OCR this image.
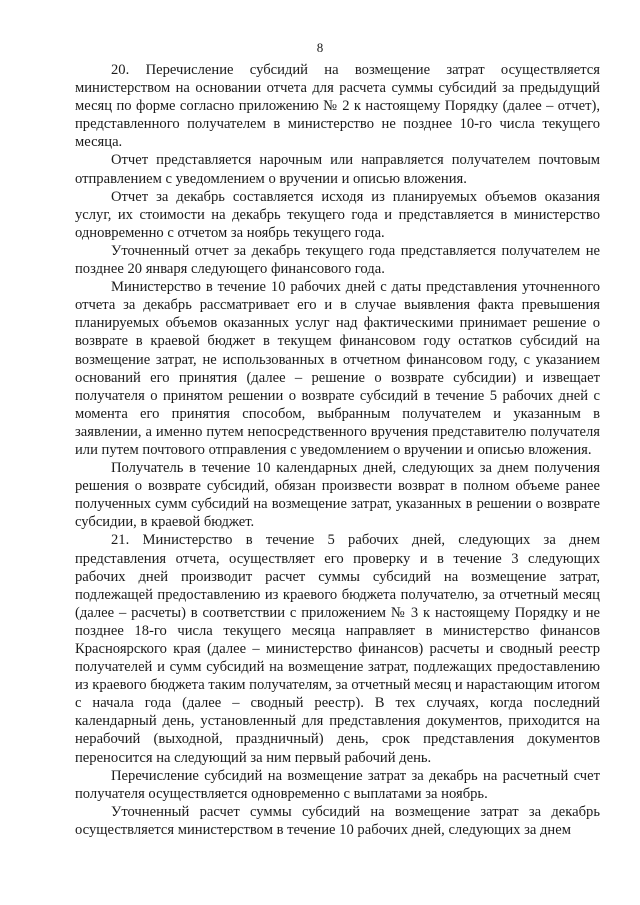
8

20. Перечисление субсидий на возмещение затрат осуществляется министерством на основании отчета для расчета суммы субсидий за предыдущий месяц по форме согласно приложению № 2 к настоящему Порядку (далее – отчет), представленного получателем в министерство не позднее 10-го числа текущего месяца.

Отчет представляется нарочным или направляется получателем почтовым отправлением с уведомлением о вручении и описью вложения.

Отчет за декабрь составляется исходя из планируемых объемов оказания услуг, их стоимости на декабрь текущего года и представляется в министерство одновременно с отчетом за ноябрь текущего года.

Уточненный отчет за декабрь текущего года представляется получателем не позднее 20 января следующего финансового года.

Министерство в течение 10 рабочих дней с даты представления уточненного отчета за декабрь рассматривает его и в случае выявления факта превышения планируемых объемов оказанных услуг над фактическими принимает решение о возврате в краевой бюджет в текущем финансовом году остатков субсидий на возмещение затрат, не использованных в отчетном финансовом году, с указанием оснований его принятия (далее – решение о возврате субсидии) и извещает получателя о принятом решении о возврате субсидий в течение 5 рабочих дней с момента его принятия способом, выбранным получателем и указанным в заявлении, а именно путем непосредственного вручения представителю получателя или путем почтового отправления с уведомлением о вручении и описью вложения.

Получатель в течение 10 календарных дней, следующих за днем получения решения о возврате субсидий, обязан произвести возврат в полном объеме ранее полученных сумм субсидий на возмещение затрат, указанных в решении о возврате субсидии, в краевой бюджет.

21. Министерство в течение 5 рабочих дней, следующих за днем представления отчета, осуществляет его проверку и в течение 3 следующих рабочих дней производит расчет суммы субсидий на возмещение затрат, подлежащей предоставлению из краевого бюджета получателю, за отчетный месяц (далее – расчеты) в соответствии с приложением № 3 к настоящему Порядку и не позднее 18-го числа текущего месяца направляет в министерство финансов Красноярского края (далее – министерство финансов) расчеты и сводный реестр получателей и сумм субсидий на возмещение затрат, подлежащих предоставлению из краевого бюджета таким получателям, за отчетный месяц и нарастающим итогом с начала года (далее – сводный реестр). В тех случаях, когда последний календарный день, установленный для представления документов, приходится на нерабочий (выходной, праздничный) день, срок представления документов переносится на следующий за ним первый рабочий день.

Перечисление субсидий на возмещение затрат за декабрь на расчетный счет получателя осуществляется одновременно с выплатами за ноябрь.

Уточненный расчет суммы субсидий на возмещение затрат за декабрь осуществляется министерством в течение 10 рабочих дней, следующих за днем
